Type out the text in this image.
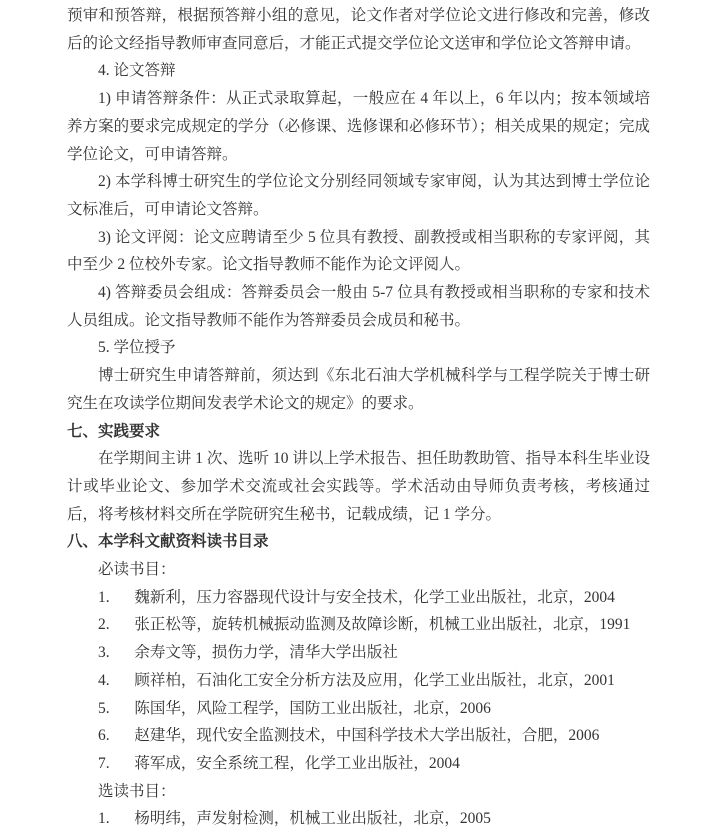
预审和预答辩，根据预答辩小组的意见，论文作者对学位论文进行修改和完善，修改后的论文经指导教师审查同意后，才能正式提交学位论文送审和学位论文答辩申请。

4. 论文答辩

1) 申请答辩条件：从正式录取算起，一般应在 4 年以上，6 年以内；按本领域培养方案的要求完成规定的学分（必修课、选修课和必修环节）；相关成果的规定；完成学位论文，可申请答辩。

2) 本学科博士研究生的学位论文分别经同领域专家审阅，认为其达到博士学位论文标准后，可申请论文答辩。

3) 论文评阅：论文应聘请至少 5 位具有教授、副教授或相当职称的专家评阅，其中至少 2 位校外专家。论文指导教师不能作为论文评阅人。

4) 答辩委员会组成：答辩委员会一般由 5-7 位具有教授或相当职称的专家和技术人员组成。论文指导教师不能作为答辩委员会成员和秘书。

5. 学位授予

博士研究生申请答辩前，须达到《东北石油大学机械科学与工程学院关于博士研究生在攻读学位期间发表学术论文的规定》的要求。

七、实践要求

在学期间主讲 1 次、选听 10 讲以上学术报告、担任助教助管、指导本科生毕业设计或毕业论文、参加学术交流或社会实践等。学术活动由导师负责考核，考核通过后，将考核材料交所在学院研究生秘书，记载成绩，记 1 学分。

八、本学科文献资料读书目录

必读书目：

1. 魏新利，压力容器现代设计与安全技术，化学工业出版社，北京，2004

2. 张正松等，旋转机械振动监测及故障诊断，机械工业出版社，北京，1991

3. 余寿文等，损伤力学，清华大学出版社

4. 顾祥柏，石油化工安全分析方法及应用，化学工业出版社，北京，2001

5. 陈国华，风险工程学，国防工业出版社，北京，2006

6. 赵建华，现代安全监测技术，中国科学技术大学出版社，合肥，2006

7. 蒋军成，安全系统工程，化学工业出版社，2004

选读书目：

1. 杨明纬，声发射检测，机械工业出版社，北京，2005
